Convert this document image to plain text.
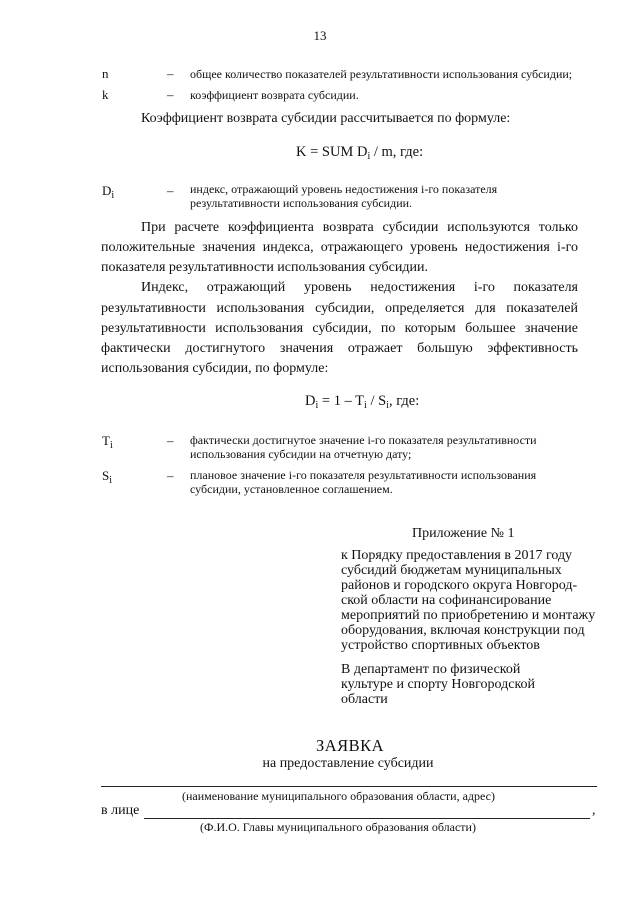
13
n	– общее количество показателей результативности использования субсидии;
k	– коэффициент возврата субсидии.
Коэффициент возврата субсидии рассчитывается по формуле:
K = SUM $D_i$ / m, где:
$D_i$	– индекс, отражающий уровень недостижения i-го показателя
результативности использования субсидии.
При расчете коэффициента возврата субсидии используются только
положительные значения индекса, отражающего уровень недостижения i-го
показателя результативности использования субсидии.
Индекс, отражающий уровень недостижения i-го показателя
результативности использования субсидии, определяется для показателей
результативности использования субсидии, по которым большее значение
фактически достигнутого значения отражает большую эффективность
использования субсидии, по формуле:
$D_i = 1 - T_i / S_i$, где:
$T_i$	– фактически достигнутое значение i-го показателя результативности
использования субсидии на отчетную дату;
$S_i$	– плановое значение i-го показателя результативности использования
субсидии, установленное соглашением.
Приложение № 1
к Порядку предоставления в 2017 году
субсидий бюджетам муниципальных
районов и городского округа Новгород-
ской области на софинансирование
мероприятий по приобретению и монтажу
оборудования, включая конструкции под
устройство спортивных объектов
В департамент по физической
культуре и спорту Новгородской
области
ЗАЯВКА
на предоставление субсидии
(наименование муниципального образования области, адрес)
в лице	,
(Ф.И.О. Главы муниципального образования области)
